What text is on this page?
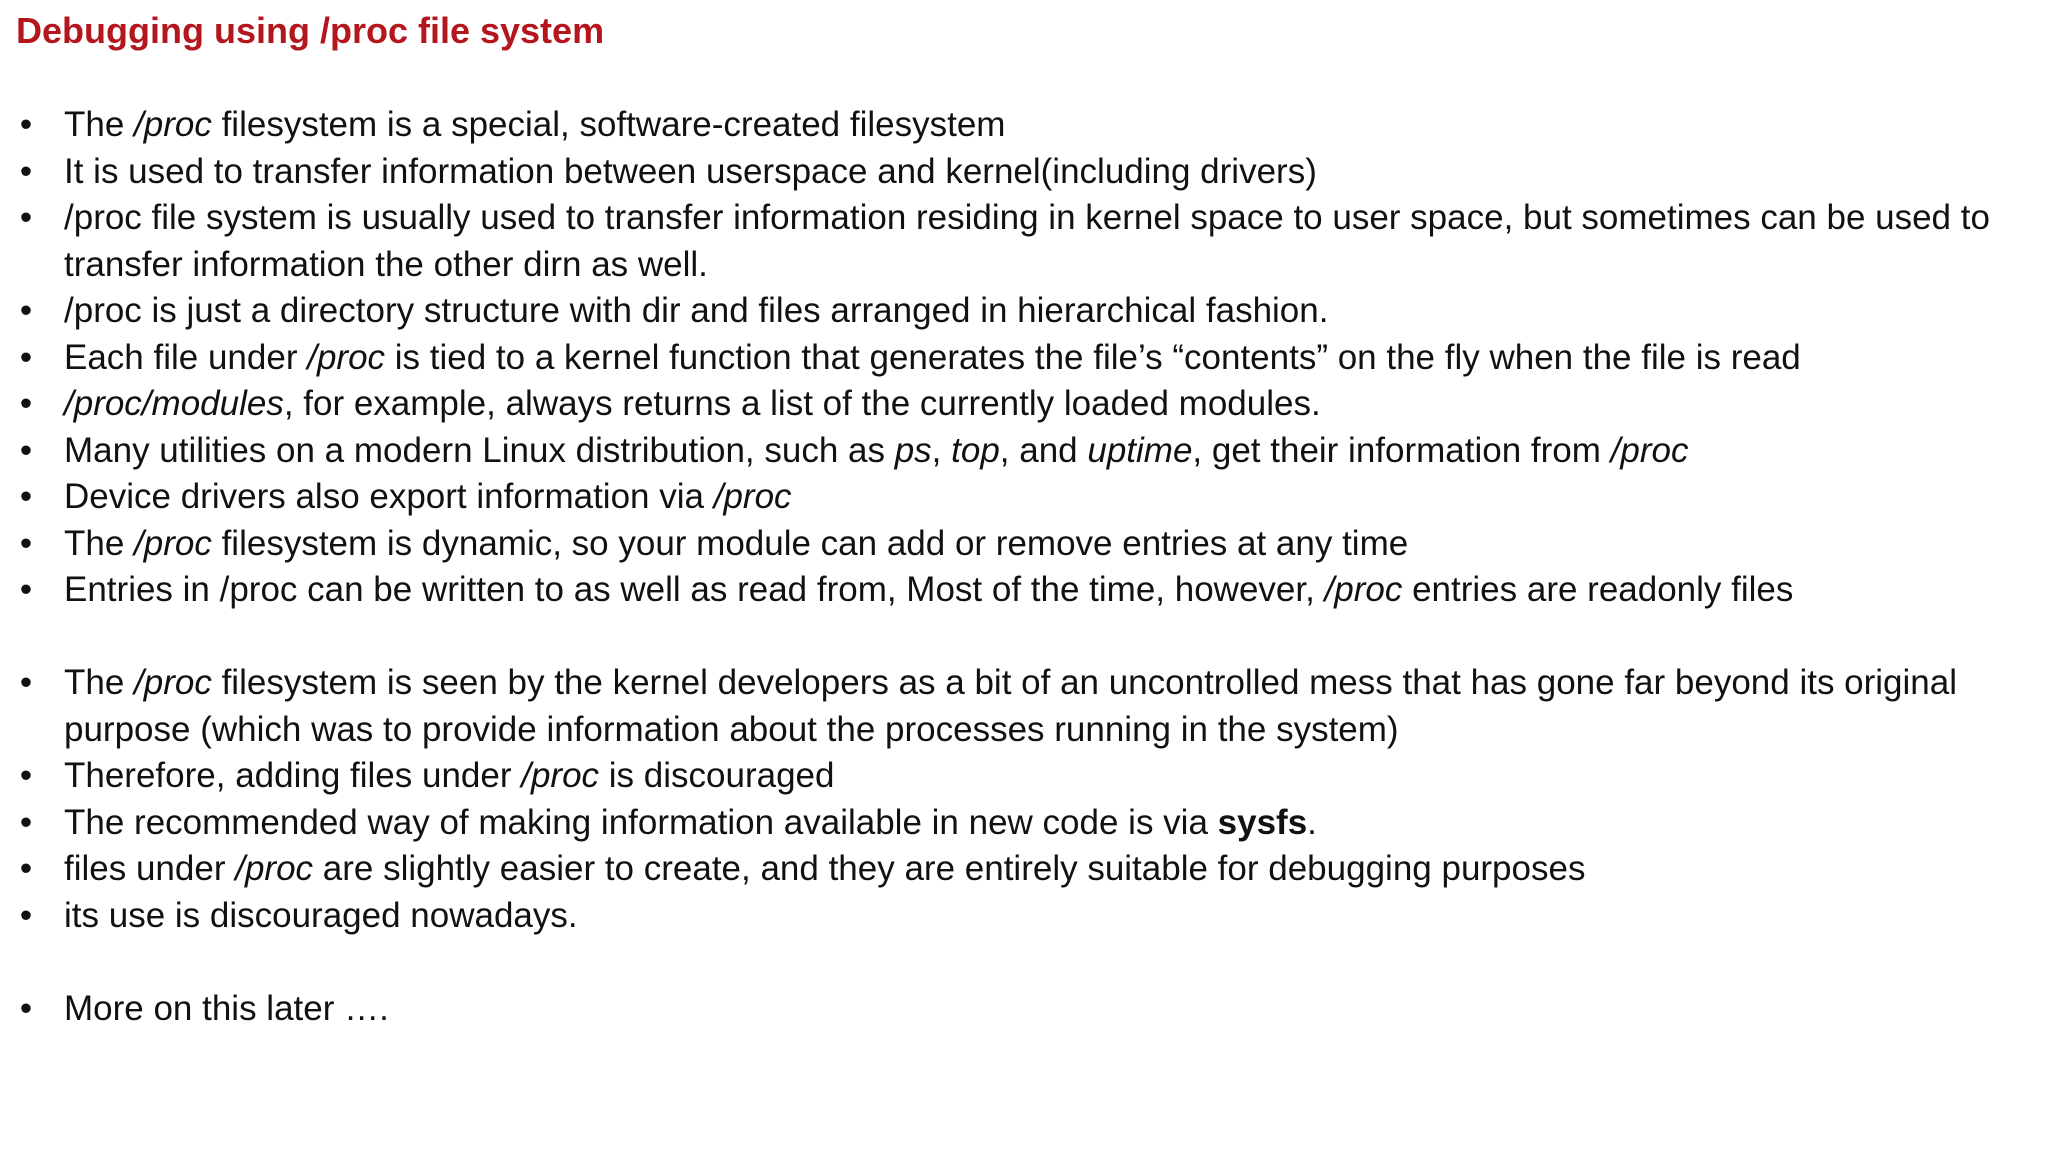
Debugging using /proc file system
•
The /proc filesystem is a special, software-created filesystem
•
It is used to transfer information between userspace and kernel(including drivers)
•
/proc file system is usually used to transfer information residing in kernel space to user space, but sometimes can be used to transfer information the other dirn as well.
•
/proc is just a directory structure with dir and files arranged in hierarchical fashion.
•
Each file under /proc is tied to a kernel function that generates the file’s “contents” on the fly when the file is read
•
/proc/modules, for example, always returns a list of the currently loaded modules.
•
Many utilities on a modern Linux distribution, such as ps, top, and uptime, get their information from /proc
•
Device drivers also export information via /proc
•
The /proc filesystem is dynamic, so your module can add or remove entries at any time
•
Entries in /proc can be written to as well as read from, Most of the time, however, /proc entries are readonly files
•
The /proc filesystem is seen by the kernel developers as a bit of an uncontrolled mess that has gone far beyond its original purpose (which was to provide information about the processes running in the system)
•
Therefore, adding files under /proc is discouraged
•
The recommended way of making information available in new code is via sysfs.
•
files under /proc are slightly easier to create, and they are entirely suitable for debugging purposes
•
its use is discouraged nowadays.
•
More on this later ….
